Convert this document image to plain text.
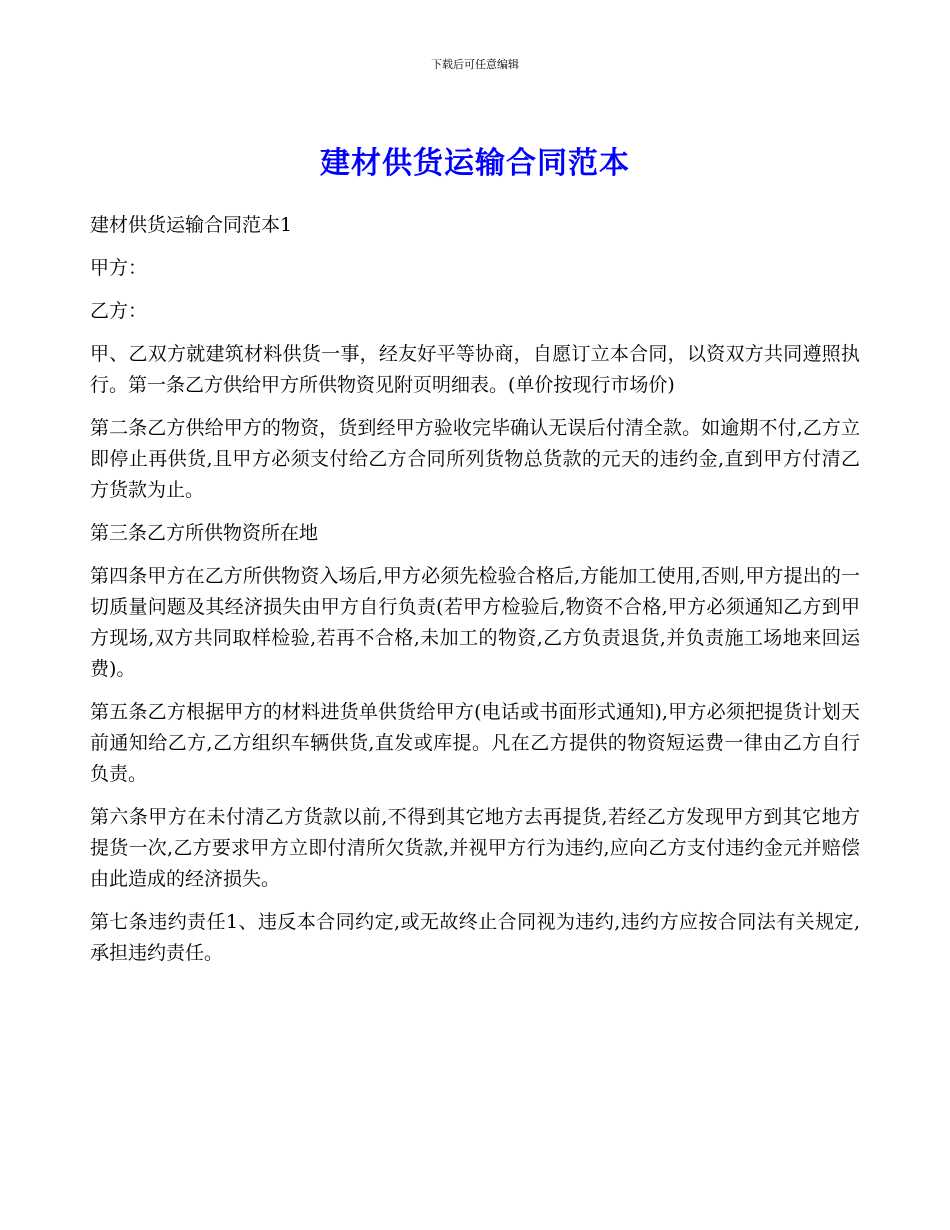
下载后可任意编辑
建材供货运输合同范本

建材供货运输合同范本1

甲方：

乙方：

甲、乙双方就建筑材料供货一事，经友好平等协商，自愿订立本合同，以资双方共同遵照执行。第一条乙方供给甲方所供物资见附页明细表。(单价按现行市场价)

第二条乙方供给甲方的物资，货到经甲方验收完毕确认无误后付清全款。如逾期不付,乙方立即停止再供货,且甲方必须支付给乙方合同所列货物总货款的元天的违约金,直到甲方付清乙方货款为止。

第三条乙方所供物资所在地

第四条甲方在乙方所供物资入场后,甲方必须先检验合格后,方能加工使用,否则,甲方提出的一切质量问题及其经济损失由甲方自行负责(若甲方检验后,物资不合格,甲方必须通知乙方到甲方现场,双方共同取样检验,若再不合格,未加工的物资,乙方负责退货,并负责施工场地来回运费)。

第五条乙方根据甲方的材料进货单供货给甲方(电话或书面形式通知),甲方必须把提货计划天前通知给乙方,乙方组织车辆供货,直发或库提。凡在乙方提供的物资短运费一律由乙方自行负责。

第六条甲方在未付清乙方货款以前,不得到其它地方去再提货,若经乙方发现甲方到其它地方提货一次,乙方要求甲方立即付清所欠货款,并视甲方行为违约,应向乙方支付违约金元并赔偿由此造成的经济损失。

第七条违约责任1、违反本合同约定,或无故终止合同视为违约,违约方应按合同法有关规定,承担违约责任。
